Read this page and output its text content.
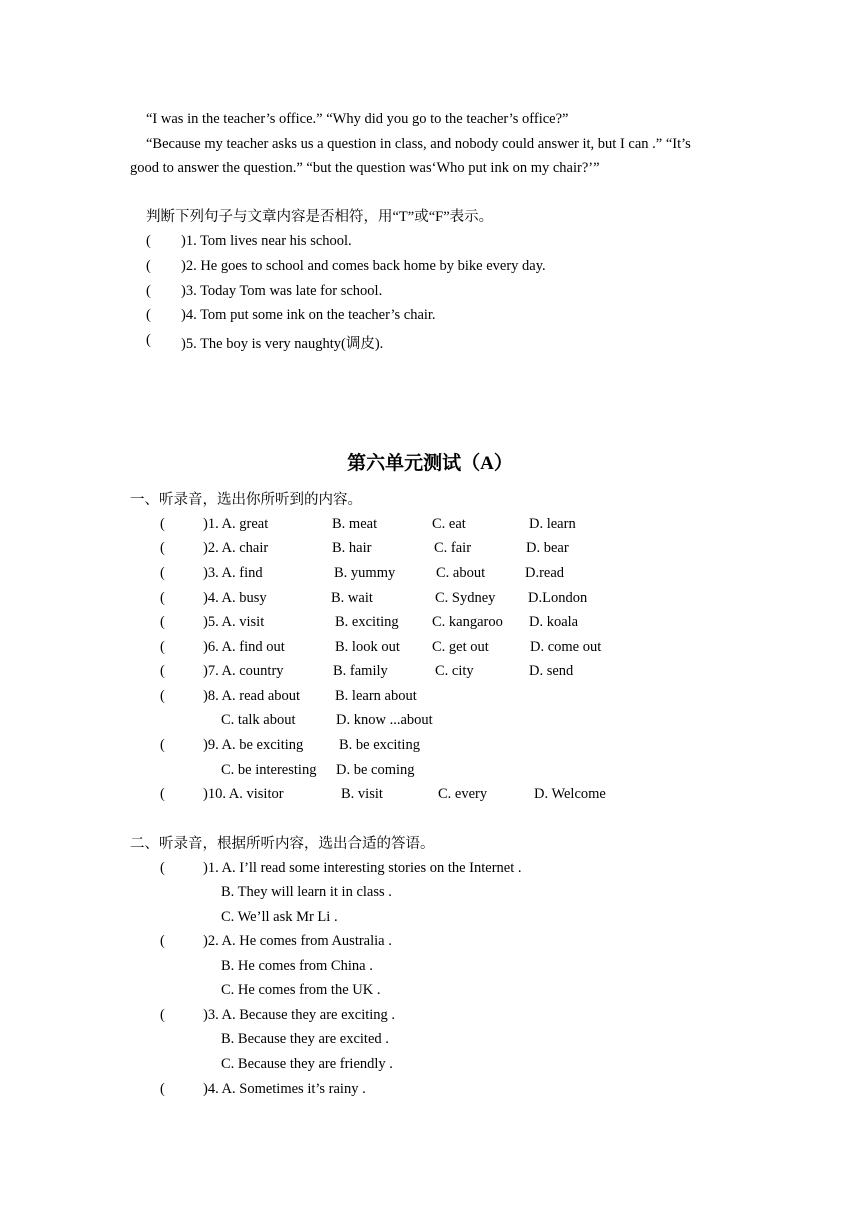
“I was in the teacher’s office.” “Why did you go to the teacher’s office?”
“Because my teacher asks us a question in class, and nobody could answer it, but I can .” “It’s
good to answer the question.” “but the question was‘Who put ink on my chair?’”
判断下列句子与文章内容是否相符，用“T”或“F”表示。
( )1. Tom lives near his school.
( )2. He goes to school and comes back home by bike every day.
( )3. Today Tom was late for school.
( )4. Tom put some ink on the teacher’s chair.
( )5. The boy is very naughty(调皮).
第六单元测试（A）
一、听录音，选出你所听到的内容。
(	)1. A. great	B. meat	C. eat	D. learn
(	)2. A. chair	B. hair	C. fair	D. bear
(	)3. A. find	B. yummy	C. about	D.read
(	)4. A. busy	B. wait	C. Sydney D.London
(	)5. A. visit	B. exciting C. kangaroo D. koala
(	)6. A. find out	B. look out C. get out	D. come out
(	)7. A. country	B. family	C. city	D. send
(	)8. A. read about B. learn about
C. talk about	D. know ...about
(	)9. A. be exciting B. be exciting
C. be interesting D. be coming
(	)10. A. visitor	B. visit	C. every	D. Welcome
二、听录音，根据所听内容，选出合适的答语。
(	)1. A. I’ll read some interesting stories on the Internet .
B. They will learn it in class .
C. We’ll ask Mr Li .
(	)2. A. He comes from Australia .
B. He comes from China .
C. He comes from the UK .
(	)3. A. Because they are exciting .
B. Because they are excited .
C. Because they are friendly .
(	)4. A. Sometimes it’s rainy .
